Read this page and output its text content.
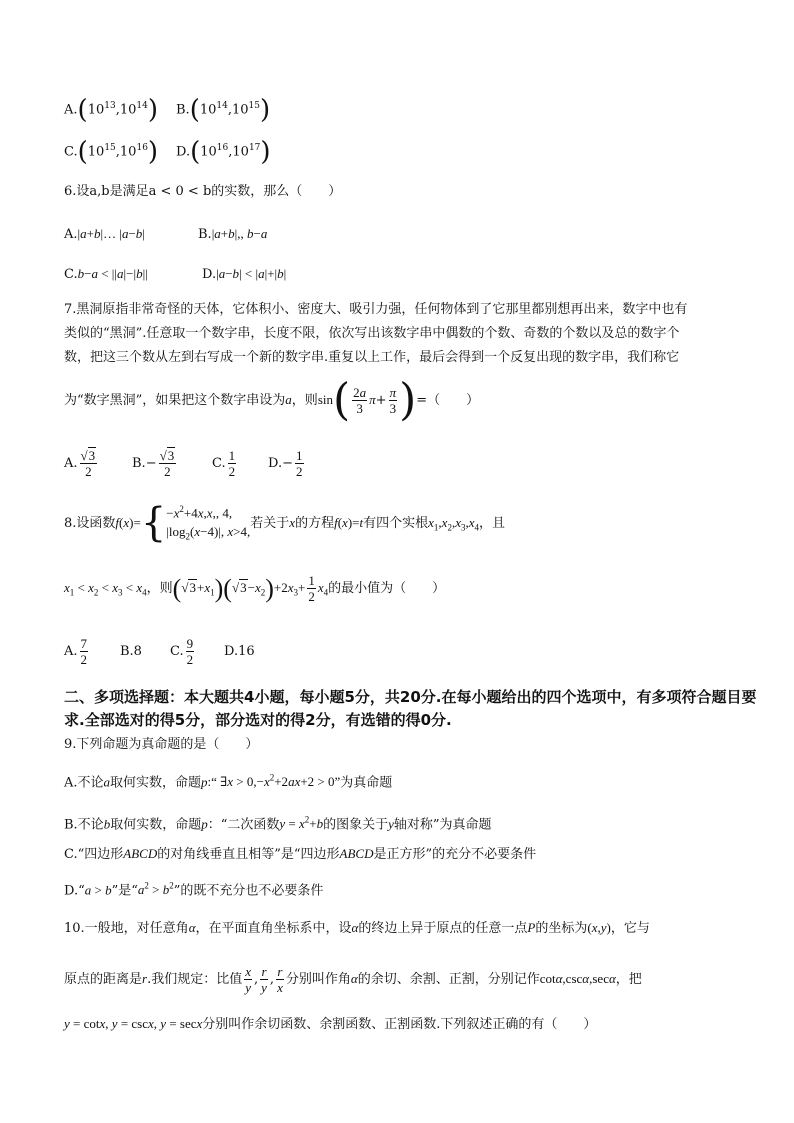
$A.(10^{13},10^{14})$ $B.(10^{14},10^{15})$
$C.(10^{15},10^{16})$ $D.(10^{16},10^{17})$
6.设a,b是满足a < 0 < b的实数，那么（　　）
A.|a+b|… |a−b|	B.|a+b|,, b−a
C.b−a < ||a|−|b||	D.|a−b| < |a|+|b|
7.黑洞原指非常奇怪的天体，它体积小、密度大、吸引力强，任何物体到了它那里都别想再出来，数字中也有
类似的“黑洞”.任意取一个数字串，长度不限，依次写出该数字串中偶数的个数、奇数的个数以及总的数字个
数，把这三个数从左到右写成一个新的数字串.重复以上工作，最后会得到一个反复出现的数字串，我们称它
为“数字黑洞”，如果把这个数字串设为a，则$\sin( \frac{2a}{3} \pi+ \frac{\pi}{3}$ )=（　　）
A. $\frac{√3}{2}$	$B.- \frac{√3}{2}$	C. $\frac{1}{2} D.- \frac{1}{2}$
8.设函数$f(x)=\{ -x^2+4x,x$,, 4,
$|\log_2(x-4)|$, x>4,
若关于x的方程f(x)=t有四个实根$x_1,x_2,x_3,x_4$，且
$x_1 < x_2 < x_3 < x_4$，则$(√3+x_1)(√3-x_2)+2x_3+ \frac{1}{2} x_4$的最小值为（　　）
A. $\frac{7}{2} B.8$ C. $\frac{9}{2} D.16$
二、多项选择题：本大题共4小题，每小题5分，共20分.在每小题给出的四个选项中，有多项符合题目要求.全部选对的得5分，部分选对的得2分，有选错的得0分.
9.下列命题为真命题的是（　　）
A.不论a取何实数，命题p:“ ∃x > $0,-x^2+2ax+2 > 0$”为真命题
B.不论b取何实数，命题p：“二次函数$y = x^2+b$的图象关于y轴对称”为真命题
C.“四边形ABCD的对角线垂直且相等”是“四边形ABCD是正方形”的充分不必要条件
D.“a > b”是“$a^2 > b^2$”的既不充分也不必要条件
10.一般地，对任意角α，在平面直角坐标系中，设α的终边上异于原点的任意一点P的坐标为(x,y)，它与
原点的距离是r.我们规定：比值 $\frac{x}{y}$ , $\frac{r}{y}$ , $\frac{r}{x}$ 分别叫作角α的余切、余割、正割，分别记作cotα,cscα,secα，把
y = cotx, y = cscx, y = secx分别叫作余切函数、余割函数、正割函数.下列叙述正确的有（　　）
